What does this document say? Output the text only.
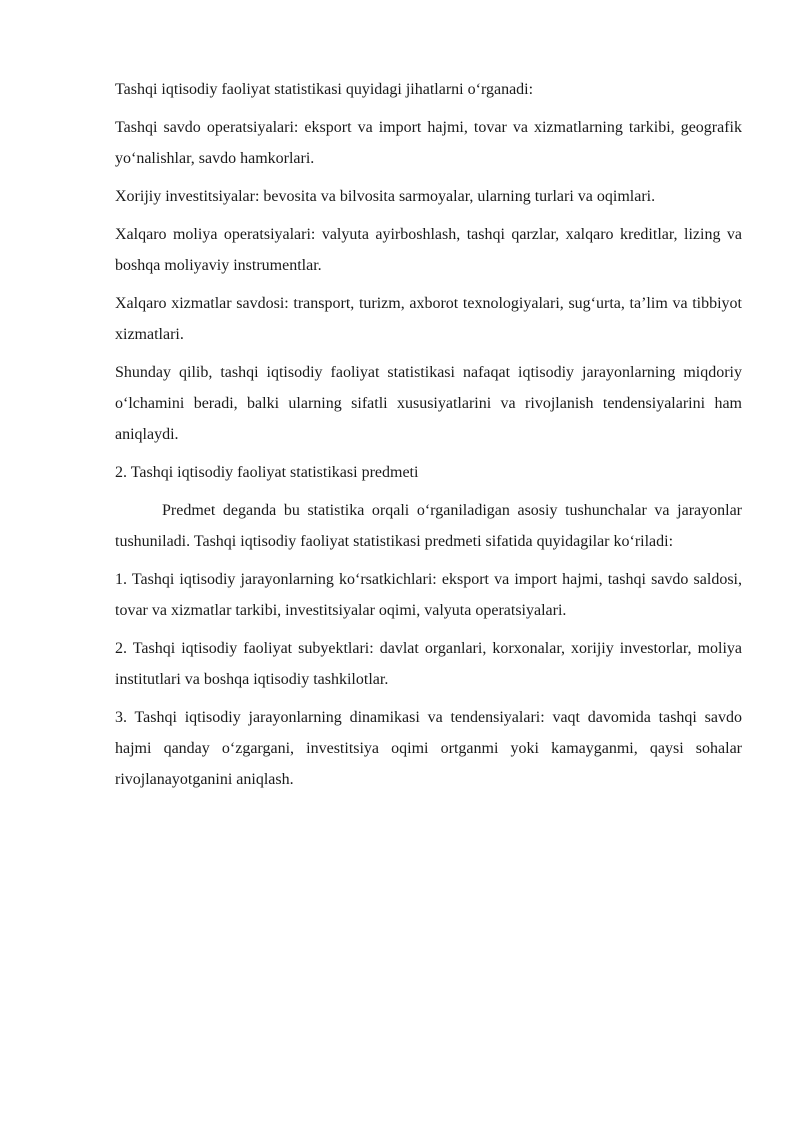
Tashqi iqtisodiy faoliyat statistikasi quyidagi jihatlarni o‘rganadi:

Tashqi savdo operatsiyalari: eksport va import hajmi, tovar va xizmatlarning tarkibi, geografik yo‘nalishlar, savdo hamkorlari.

Xorijiy investitsiyalar: bevosita va bilvosita sarmoyalar, ularning turlari va oqimlari.

Xalqaro moliya operatsiyalari: valyuta ayirboshlash, tashqi qarzlar, xalqaro kreditlar, lizing va boshqa moliyaviy instrumentlar.

Xalqaro xizmatlar savdosi: transport, turizm, axborot texnologiyalari, sug‘urta, ta’lim va tibbiyot xizmatlari.

Shunday qilib, tashqi iqtisodiy faoliyat statistikasi nafaqat iqtisodiy jarayonlarning miqdoriy o‘lchamini beradi, balki ularning sifatli xususiyatlarini va rivojlanish tendensiyalarini ham aniqlaydi.

2. Tashqi iqtisodiy faoliyat statistikasi predmeti

Predmet deganda bu statistika orqali o‘rganiladigan asosiy tushunchalar va jarayonlar tushuniladi. Tashqi iqtisodiy faoliyat statistikasi predmeti sifatida quyidagilar ko‘riladi:

1. Tashqi iqtisodiy jarayonlarning ko‘rsatkichlari: eksport va import hajmi, tashqi savdo saldosi, tovar va xizmatlar tarkibi, investitsiyalar oqimi, valyuta operatsiyalari.

2. Tashqi iqtisodiy faoliyat subyektlari: davlat organlari, korxonalar, xorijiy investorlar, moliya institutlari va boshqa iqtisodiy tashkilotlar.

3. Tashqi iqtisodiy jarayonlarning dinamikasi va tendensiyalari: vaqt davomida tashqi savdo hajmi qanday o‘zgargani, investitsiya oqimi ortganmi yoki kamayganmi, qaysi sohalar rivojlanayotganini aniqlash.
